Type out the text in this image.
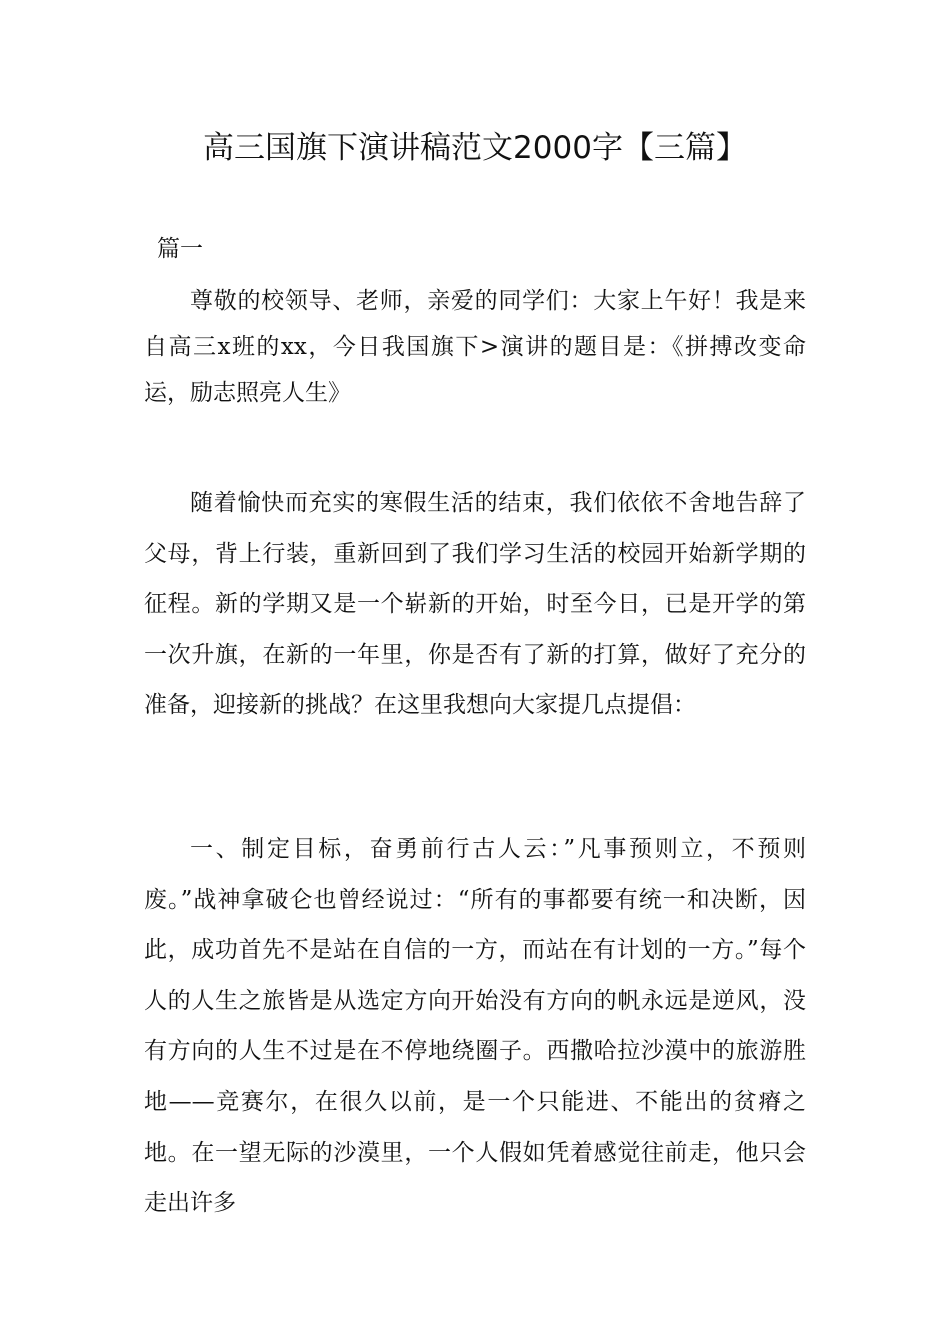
高三国旗下演讲稿范文2000字【三篇】
篇一

尊敬的校领导、老师，亲爱的同学们：大家上午好！我是来自高三x班的xx，今日我国旗下>演讲的题目是：《拼搏改变命运，励志照亮人生》

随着愉快而充实的寒假生活的结束，我们依依不舍地告辞了父母，背上行装，重新回到了我们学习生活的校园开始新学期的征程。新的学期又是一个崭新的开始，时至今日，已是开学的第一次升旗，在新的一年里，你是否有了新的打算，做好了充分的准备，迎接新的挑战？在这里我想向大家提几点提倡：

一、制定目标，奋勇前行古人云：”凡事预则立，不预则废。”战神拿破仑也曾经说过：“所有的事都要有统一和决断，因此，成功首先不是站在自信的一方，而站在有计划的一方。”每个人的人生之旅皆是从选定方向开始没有方向的帆永远是逆风，没有方向的人生不过是在不停地绕圈子。西撒哈拉沙漠中的旅游胜地——竞赛尔，在很久以前，是一个只能进、不能出的贫瘠之地。在一望无际的沙漠里，一个人假如凭着感觉往前走，他只会走出许多
